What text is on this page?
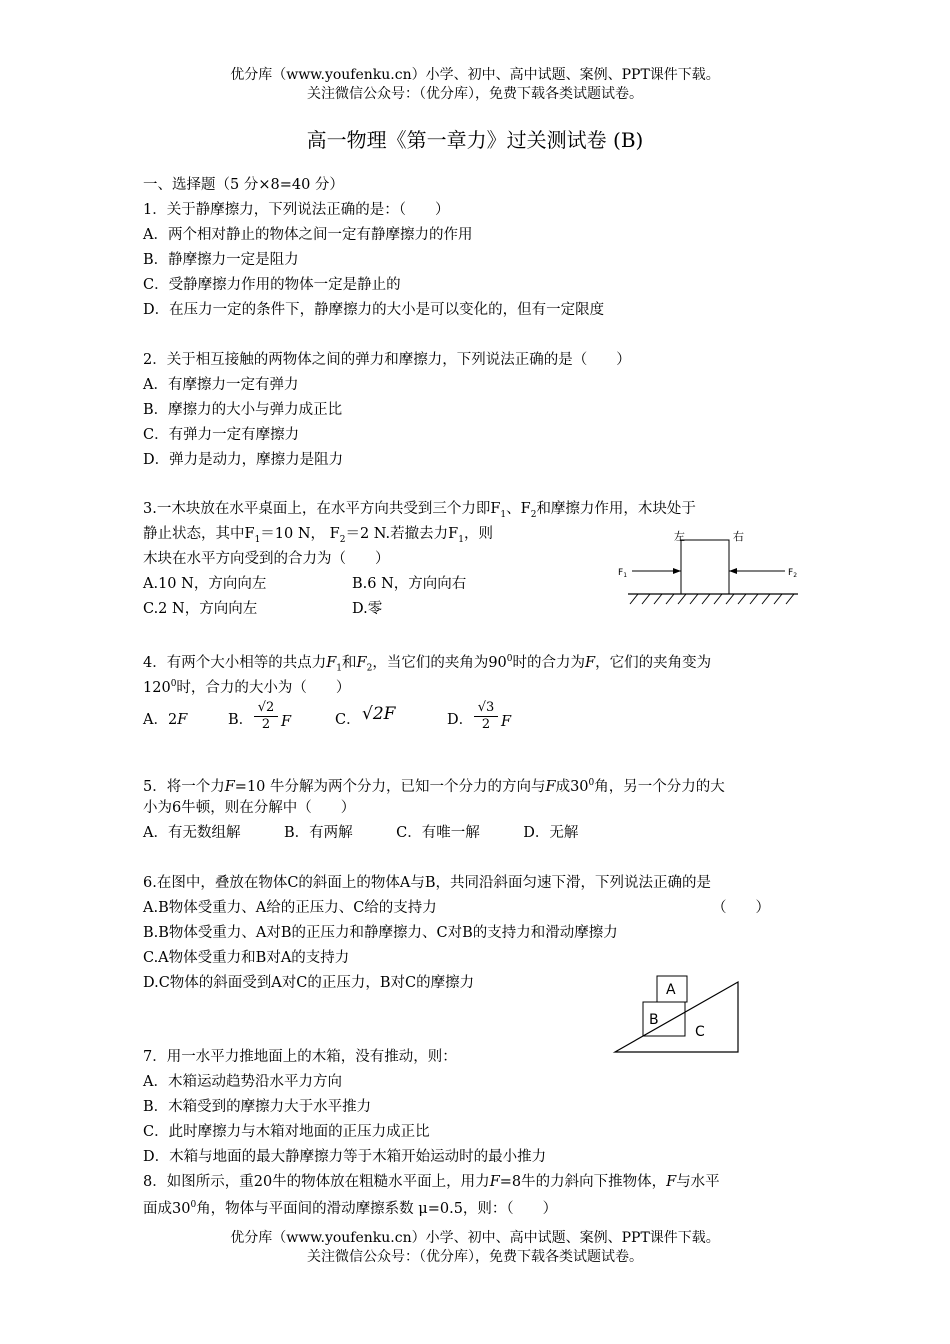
优分库（www.youfenku.cn）小学、初中、高中试题、案例、PPT课件下载。
关注微信公众号：（优分库），免费下载各类试题试卷。
高一物理《第一章力》过关测试卷 (B)
一、选择题（5 分×8=40 分）
1．关于静摩擦力，下列说法正确的是：（　　）
A．两个相对静止的物体之间一定有静摩擦力的作用
B．静摩擦力一定是阻力
C．受静摩擦力作用的物体一定是静止的
D．在压力一定的条件下，静摩擦力的大小是可以变化的，但有一定限度
2．关于相互接触的两物体之间的弹力和摩擦力，下列说法正确的是（　　）
A．有摩擦力一定有弹力
B．摩擦力的大小与弹力成正比
C．有弹力一定有摩擦力
D．弹力是动力，摩擦力是阻力
3.一木块放在水平桌面上，在水平方向共受到三个力即$F_1$、$F_2$和摩擦力作用，木块处于
静止状态，其中$F_1=10$ N， $F_2=2$ N.若撤去力$F_1$，则
木块在水平方向受到的合力为（　　）
A.10 N，方向向左	B.6 N，方向向右
C.2 N，方向向左	D.零
左	右
$F_1$	$F_2$
4．有两个大小相等的共点力$F_1$和$F_2$，当它们的夹角为$90^0$时的合力为F，它们的夹角变为
$120^0$时，合力的大小为（　　）
A．2F	B．
√2
2 F	C． √2F	D．
√3
2 F
5．将一个力F=10 牛分解为两个分力，已知一个分力的方向与F成$30^0$角，另一个分力的大
小为6牛顿，则在分解中（　　）
A．有无数组解　　　B．有两解　　　C．有唯一解　　　D．无解
6.在图中，叠放在物体C的斜面上的物体A与B，共同沿斜面匀速下滑，下列说法正确的是
A.B物体受重力、A给的正压力、C给的支持力	（　　）
B.B物体受重力、A对B的正压力和静摩擦力、C对B的支持力和滑动摩擦力
C.A物体受重力和B对A的支持力
D.C物体的斜面受到A对C的正压力，B对C的摩擦力	A
B
C
7．用一水平力推地面上的木箱，没有推动，则：
A．木箱运动趋势沿水平力方向
B．木箱受到的摩擦力大于水平推力
C．此时摩擦力与木箱对地面的正压力成正比
D．木箱与地面的最大静摩擦力等于木箱开始运动时的最小推力
8．如图所示，重20牛的物体放在粗糙水平面上，用力F=8牛的力斜向下推物体，F与水平
面成$30^0$角，物体与平面间的滑动摩擦系数 μ=0.5，则：（　　）
优分库（www.youfenku.cn）小学、初中、高中试题、案例、PPT课件下载。
关注微信公众号：（优分库），免费下载各类试题试卷。
